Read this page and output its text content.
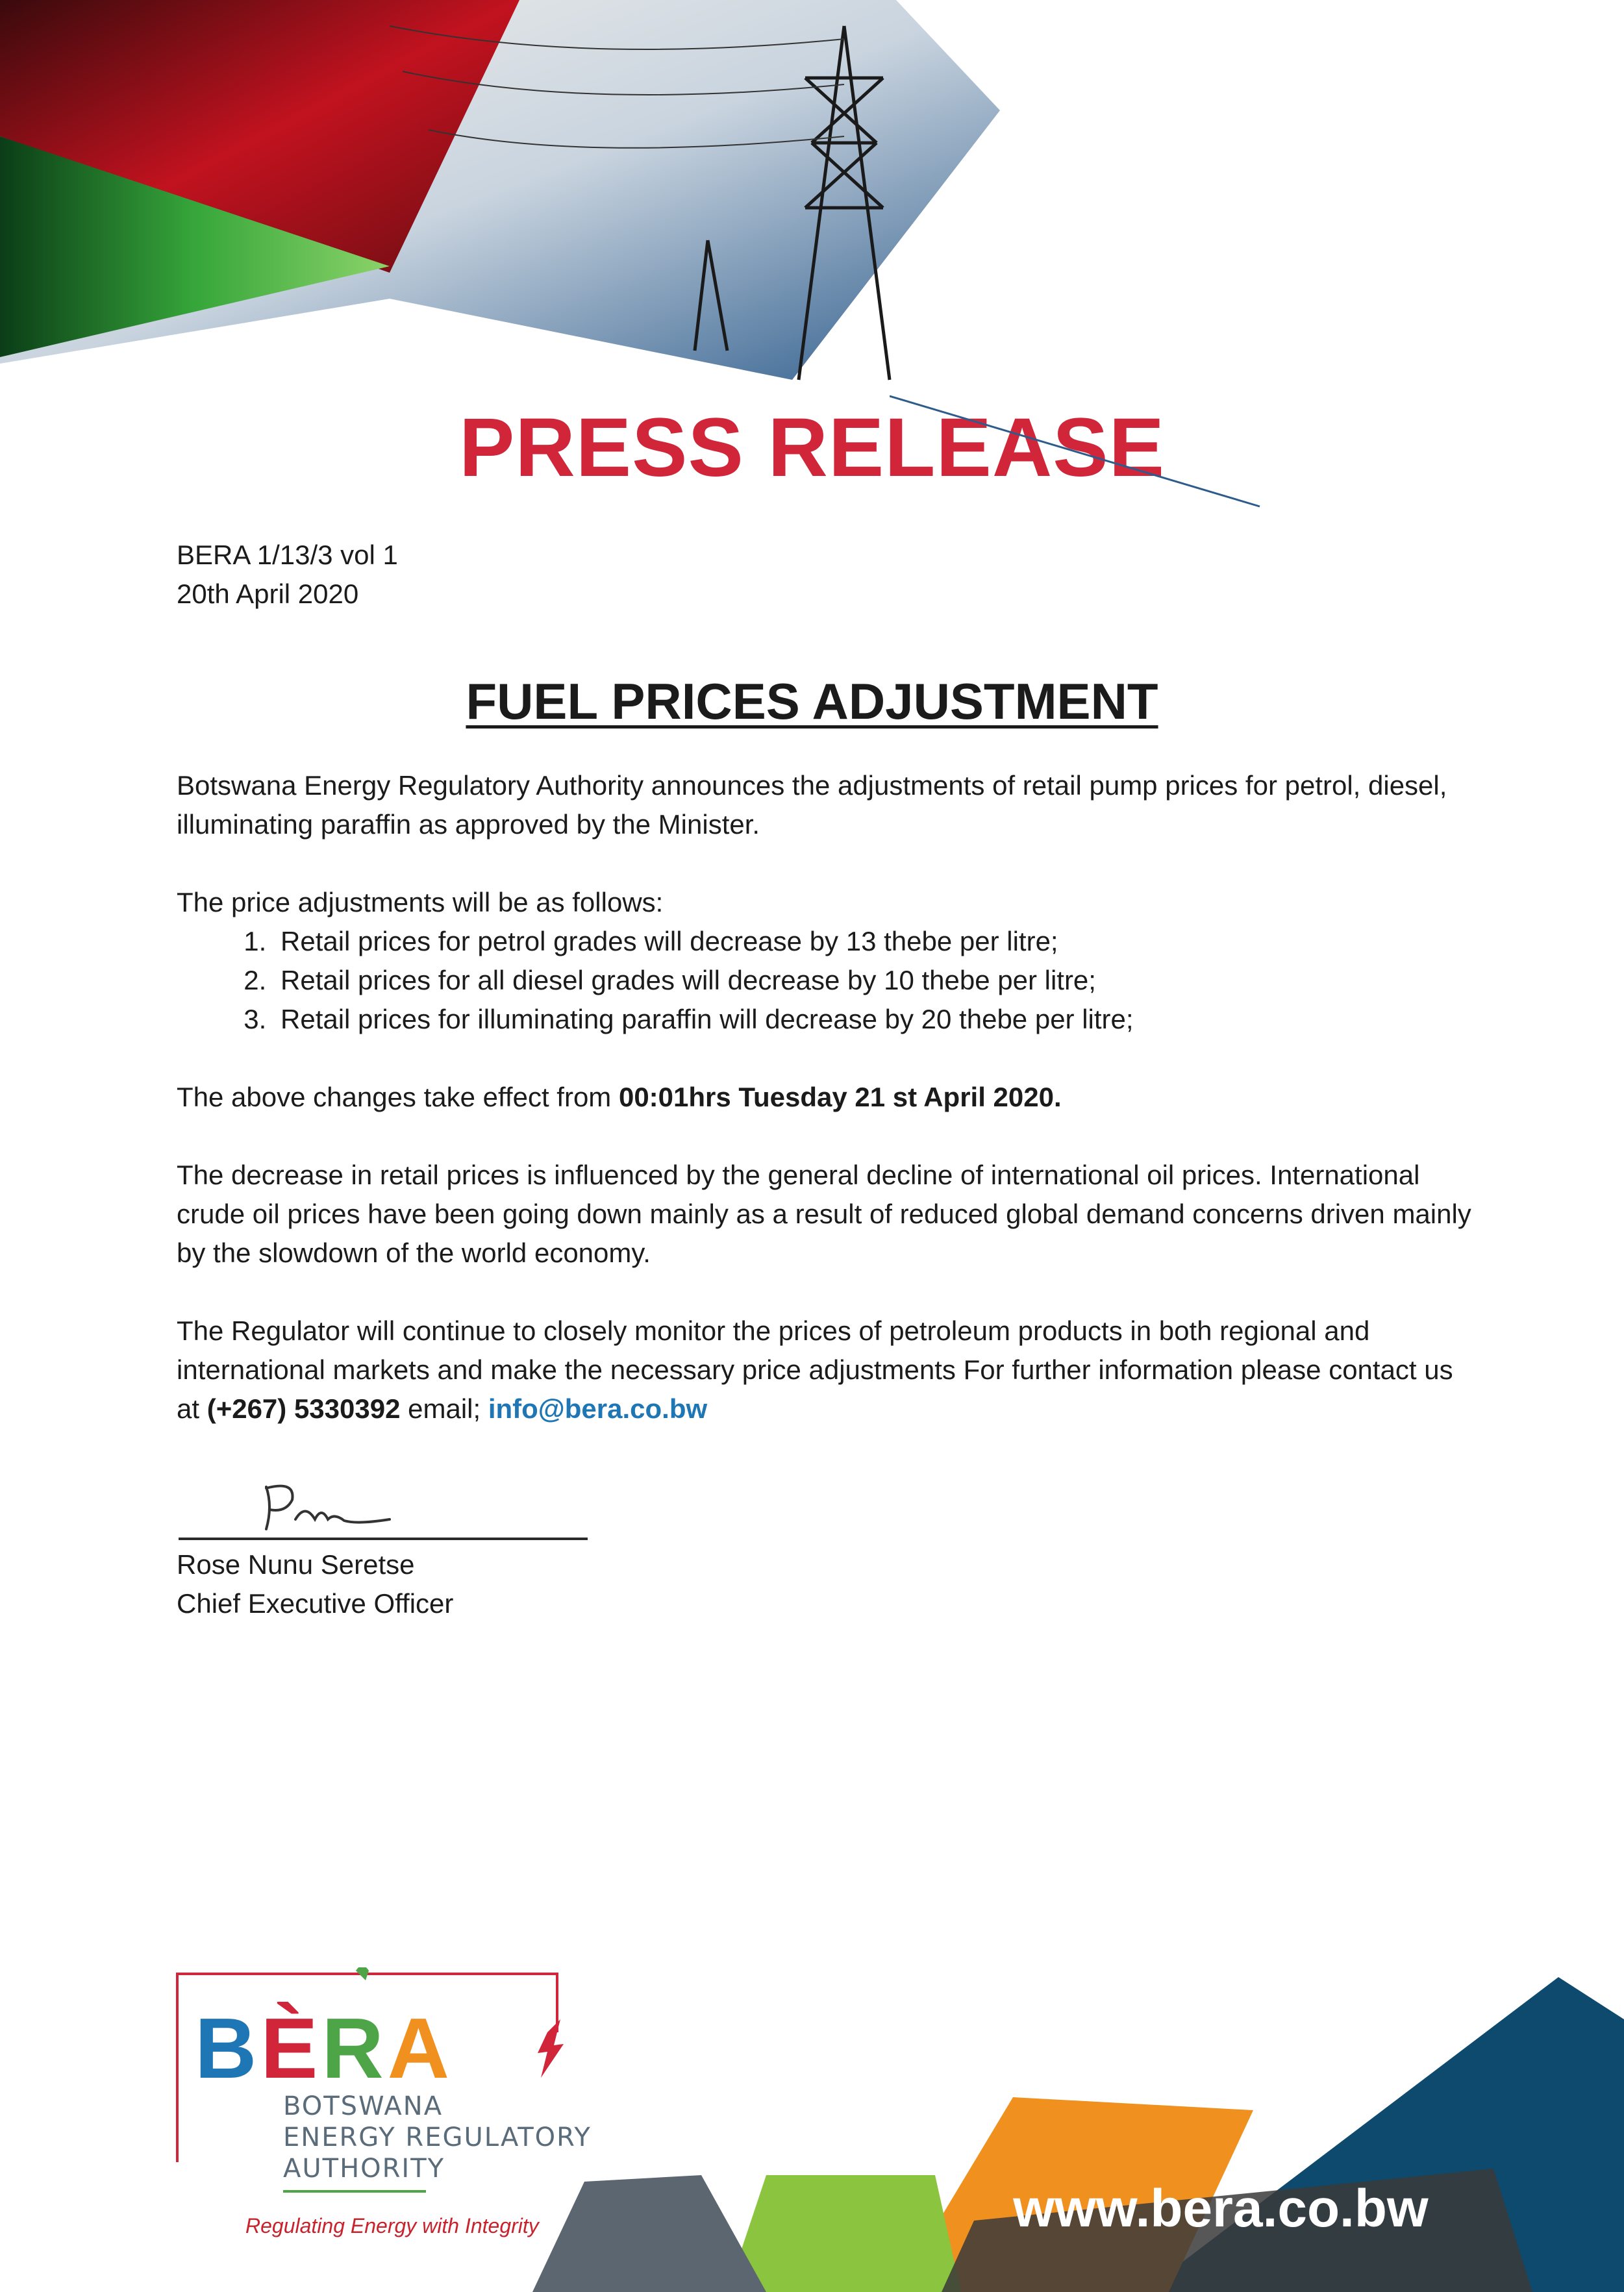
PRESS RELEASE
BERA 1/13/3 vol 1
20th April 2020
FUEL PRICES ADJUSTMENT

Botswana Energy Regulatory Authority announces the adjustments of retail pump prices for petrol, diesel, illuminating paraffin as approved by the Minister.

The price adjustments will be as follows:

1. Retail prices for petrol grades will decrease by 13 thebe per litre;
2. Retail prices for all diesel grades will decrease by 10 thebe per litre;
3. Retail prices for illuminating paraffin will decrease by 20 thebe per litre;

The above changes take effect from 00:01hrs Tuesday 21 st April 2020.

The decrease in retail prices is influenced by the general decline of international oil prices. International crude oil prices have been going down mainly as a result of reduced global demand concerns driven mainly by the slowdown of the world economy.

The Regulator will continue to closely monitor the prices of petroleum products in both regional and international markets and make the necessary price adjustments For further information please contact us at (+267) 5330392 email; info@bera.co.bw

Rose Nunu Seretse
Chief Executive Officer
www.bera.co.bw
BÈRA
BOTSWANA
ENERGY REGULATORY
AUTHORITY
Regulating Energy with Integrity
